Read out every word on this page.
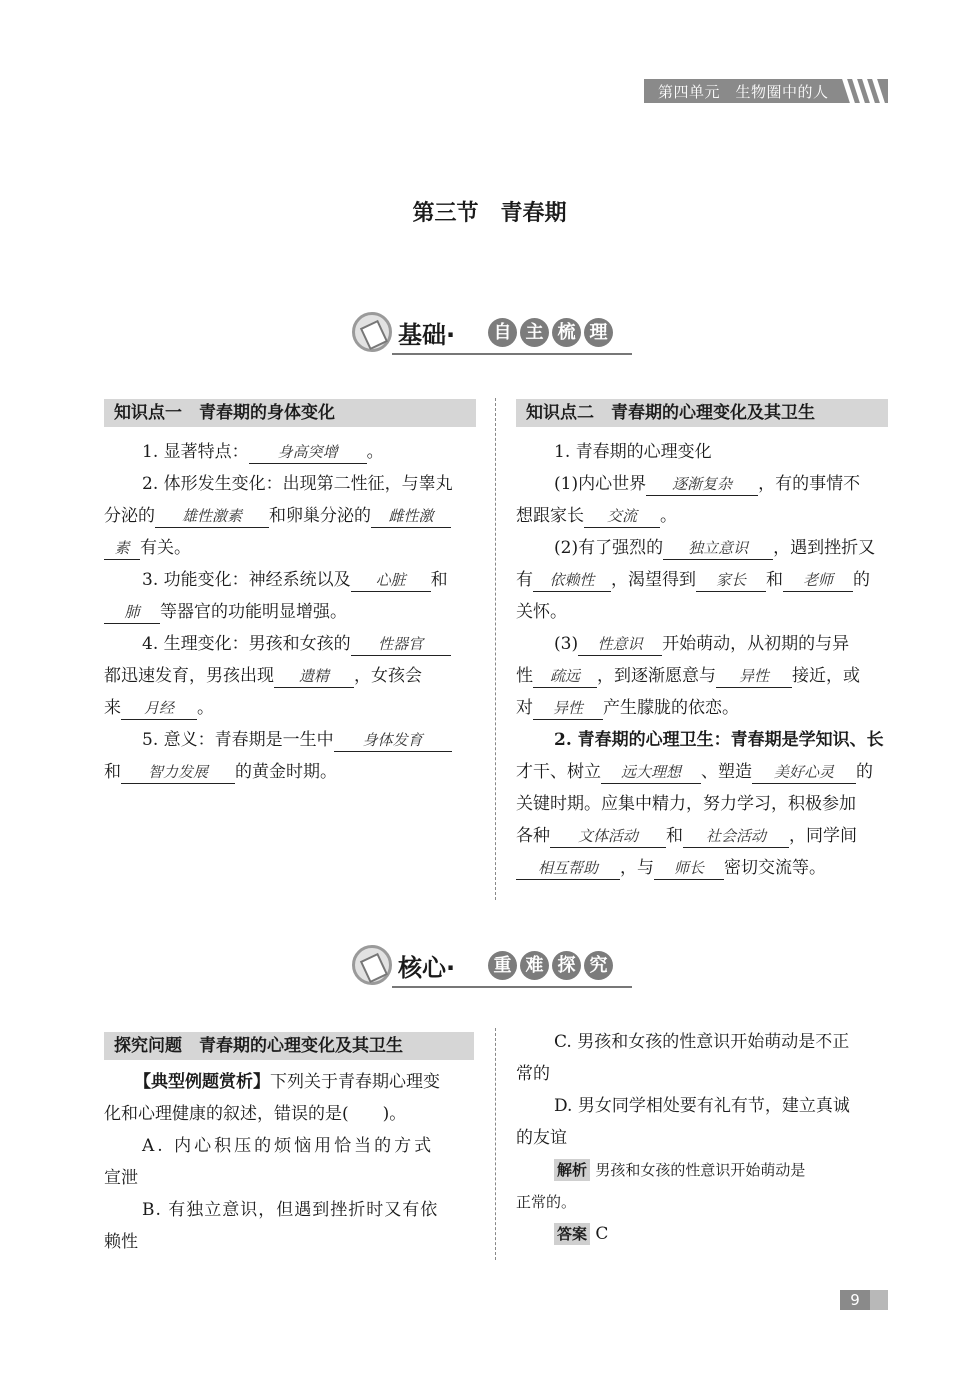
第四单元　生物圈中的人
第三节　青春期
基础·	自 主 梳 理
知识点一　青春期的身体变化
1. 显著特点： 身高突增 。
2. 体形发生变化：出现第二性征，与睾丸
分泌的 雄性激素 和卵巢分泌的 雌性激
素 有关。
3. 功能变化：神经系统以及 心脏 和
肺 等器官的功能明显增强。
4. 生理变化：男孩和女孩的 性器官
都迅速发育，男孩出现 遗精 ，女孩会
来 月经 。
5. 意义：青春期是一生中 身体发育
和 智力发展 的黄金时期。
知识点二　青春期的心理变化及其卫生
1. 青春期的心理变化
(1)内心世界 逐渐复杂 ，有的事情不
想跟家长 交流 。
(2)有了强烈的 独立意识 ，遇到挫折又
有 依赖性 ，渴望得到 家长 和 老师 的
关怀。
(3) 性意识 开始萌动，从初期的与异
性 疏远 ，到逐渐愿意与 异性 接近，或
对 异性 产生朦胧的依恋。
2. 青春期的心理卫生：青春期是学知识、长
才干、树立 远大理想 、塑造 美好心灵 的
关键时期。应集中精力，努力学习，积极参加
各种 文体活动 和 社会活动 ，同学间
相互帮助 ，与 师长 密切交流等。
核心·	重 难 探 究
探究问题　青春期的心理变化及其卫生
【典型例题赏析】下列关于青春期心理变
化和心理健康的叙述，错误的是(　　)。
A. 内心积压的烦恼用恰当的方式
宣泄
B. 有独立意识，但遇到挫折时又有依
赖性
C. 男孩和女孩的性意识开始萌动是不正
常的
D. 男女同学相处要有礼有节，建立真诚
的友谊
解析 男孩和女孩的性意识开始萌动是
正常的。
答案 C
9
